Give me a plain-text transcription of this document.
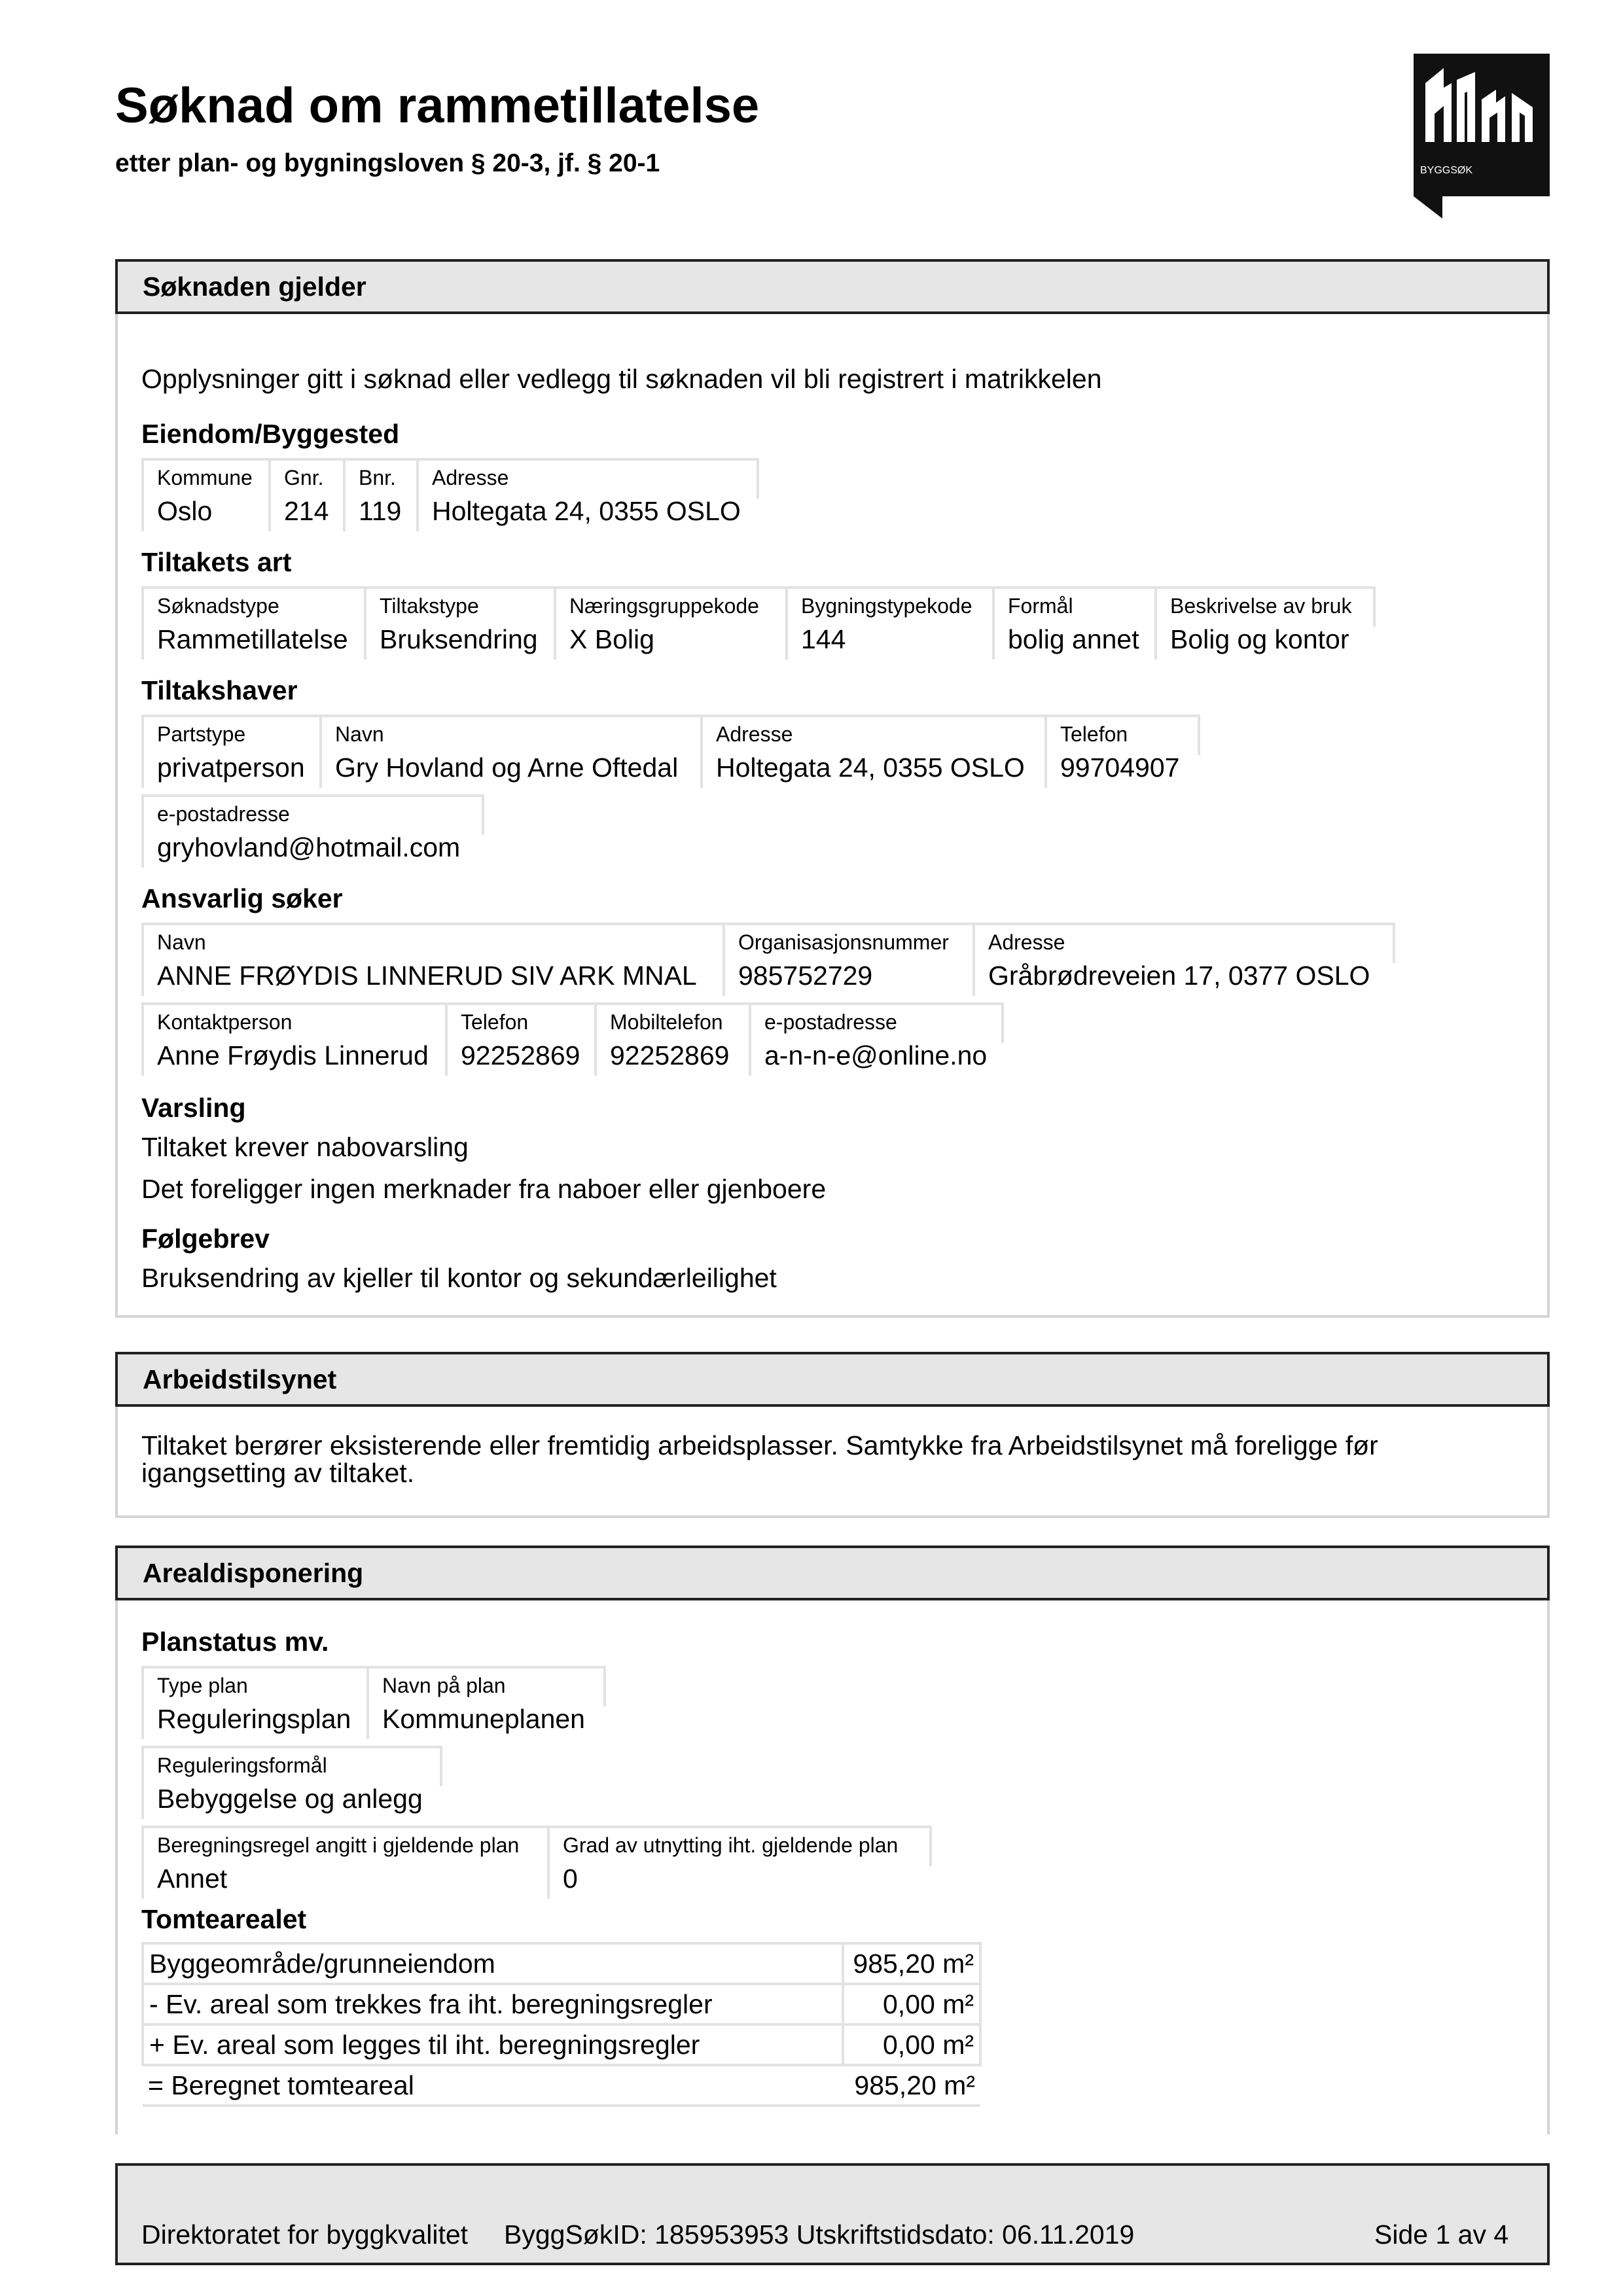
Søknad om rammetillatelse
etter plan- og bygningsloven § 20-3, jf. § 20-1	BYGGSØK
Søknaden gjelder
Opplysninger gitt i søknad eller vedlegg til søknaden vil bli registrert i matrikkelen
Eiendom/Byggested
Kommune
Oslo
Gnr.
214
Bnr.
119
Adresse
Holtegata 24, 0355 OSLO
Tiltakets art
Søknadstype
Rammetillatelse
Tiltakstype
Bruksendring
Næringsgruppekode
X Bolig
Bygningstypekode
144
Formål
bolig annet
Beskrivelse av bruk
Bolig og kontor
Tiltakshaver
Partstype
privatperson
Navn
Gry Hovland og Arne Oftedal
Adresse
Holtegata 24, 0355 OSLO
Telefon
99704907
e-postadresse
gryhovland@hotmail.com
Ansvarlig søker
Navn
ANNE FRØYDIS LINNERUD SIV ARK MNAL
Organisasjonsnummer
985752729
Adresse
Gråbrødreveien 17, 0377 OSLO
Kontaktperson
Anne Frøydis Linnerud
Telefon
92252869
Mobiltelefon
92252869
e-postadresse
a-n-n-e@online.no
Varsling
Tiltaket krever nabovarsling
Det foreligger ingen merknader fra naboer eller gjenboere
Følgebrev
Bruksendring av kjeller til kontor og sekundærleilighet
Arbeidstilsynet
Tiltaket berører eksisterende eller fremtidig arbeidsplasser. Samtykke fra Arbeidstilsynet må foreligge før
igangsetting av tiltaket.
Arealdisponering
Planstatus mv.
Type plan
Reguleringsplan
Navn på plan
Kommuneplanen
Reguleringsformål
Bebyggelse og anlegg
Beregningsregel angitt i gjeldende plan
Annet
Grad av utnytting iht. gjeldende plan
0
Tomtearealet
Byggeområde/grunneiendom	985,20 m²
- Ev. areal som trekkes fra iht. beregningsregler	0,00 m²
+ Ev. areal som legges til iht. beregningsregler	0,00 m²
= Beregnet tomteareal	985,20 m²
Direktoratet for byggkvalitet ByggSøkID: 185953953 Utskriftstidsdato: 06.11.2019	Side 1 av 4
